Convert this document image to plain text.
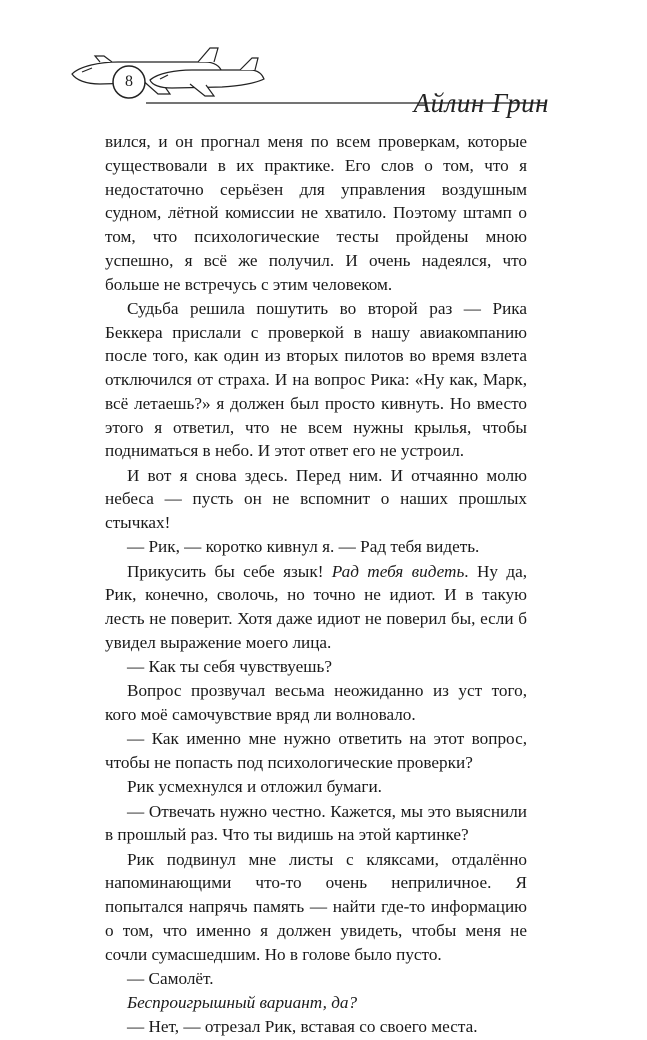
8
Айлин Грин

вился, и он прогнал меня по всем проверкам, которые существовали в их практике. Его слов о том, что я недостаточно серьёзен для управления воздушным судном, лётной комиссии не хватило. Поэтому штамп о том, что психологические тесты пройдены мною успешно, я всё же получил. И очень надеялся, что больше не встречусь с этим человеком.

Судьба решила пошутить во второй раз — Рика Беккера прислали с проверкой в нашу авиакомпанию после того, как один из вторых пилотов во время взлета отключился от страха. И на вопрос Рика: «Ну как, Марк, всё летаешь?» я должен был просто кивнуть. Но вместо этого я ответил, что не всем нужны крылья, чтобы подниматься в небо. И этот ответ его не устроил.

И вот я снова здесь. Перед ним. И отчаянно молю небеса — пусть он не вспомнит о наших прошлых стычках!

— Рик, — коротко кивнул я. — Рад тебя видеть.

Прикусить бы себе язык! Рад тебя видеть. Ну да, Рик, конечно, сволочь, но точно не идиот. И в такую лесть не поверит. Хотя даже идиот не поверил бы, если б увидел выражение моего лица.

— Как ты себя чувствуешь?

Вопрос прозвучал весьма неожиданно из уст того, кого моё самочувствие вряд ли волновало.

— Как именно мне нужно ответить на этот вопрос, чтобы не попасть под психологические проверки?

Рик усмехнулся и отложил бумаги.

— Отвечать нужно честно. Кажется, мы это выяснили в прошлый раз. Что ты видишь на этой картинке?

Рик подвинул мне листы с кляксами, отдалённо напоминающими что-то очень неприличное. Я попытался напрячь память — найти где-то информацию о том, что именно я должен увидеть, чтобы меня не сочли сумасшедшим. Но в голове было пусто.

— Самолёт.

Беспроигрышный вариант, да?

— Нет, — отрезал Рик, вставая со своего места.
